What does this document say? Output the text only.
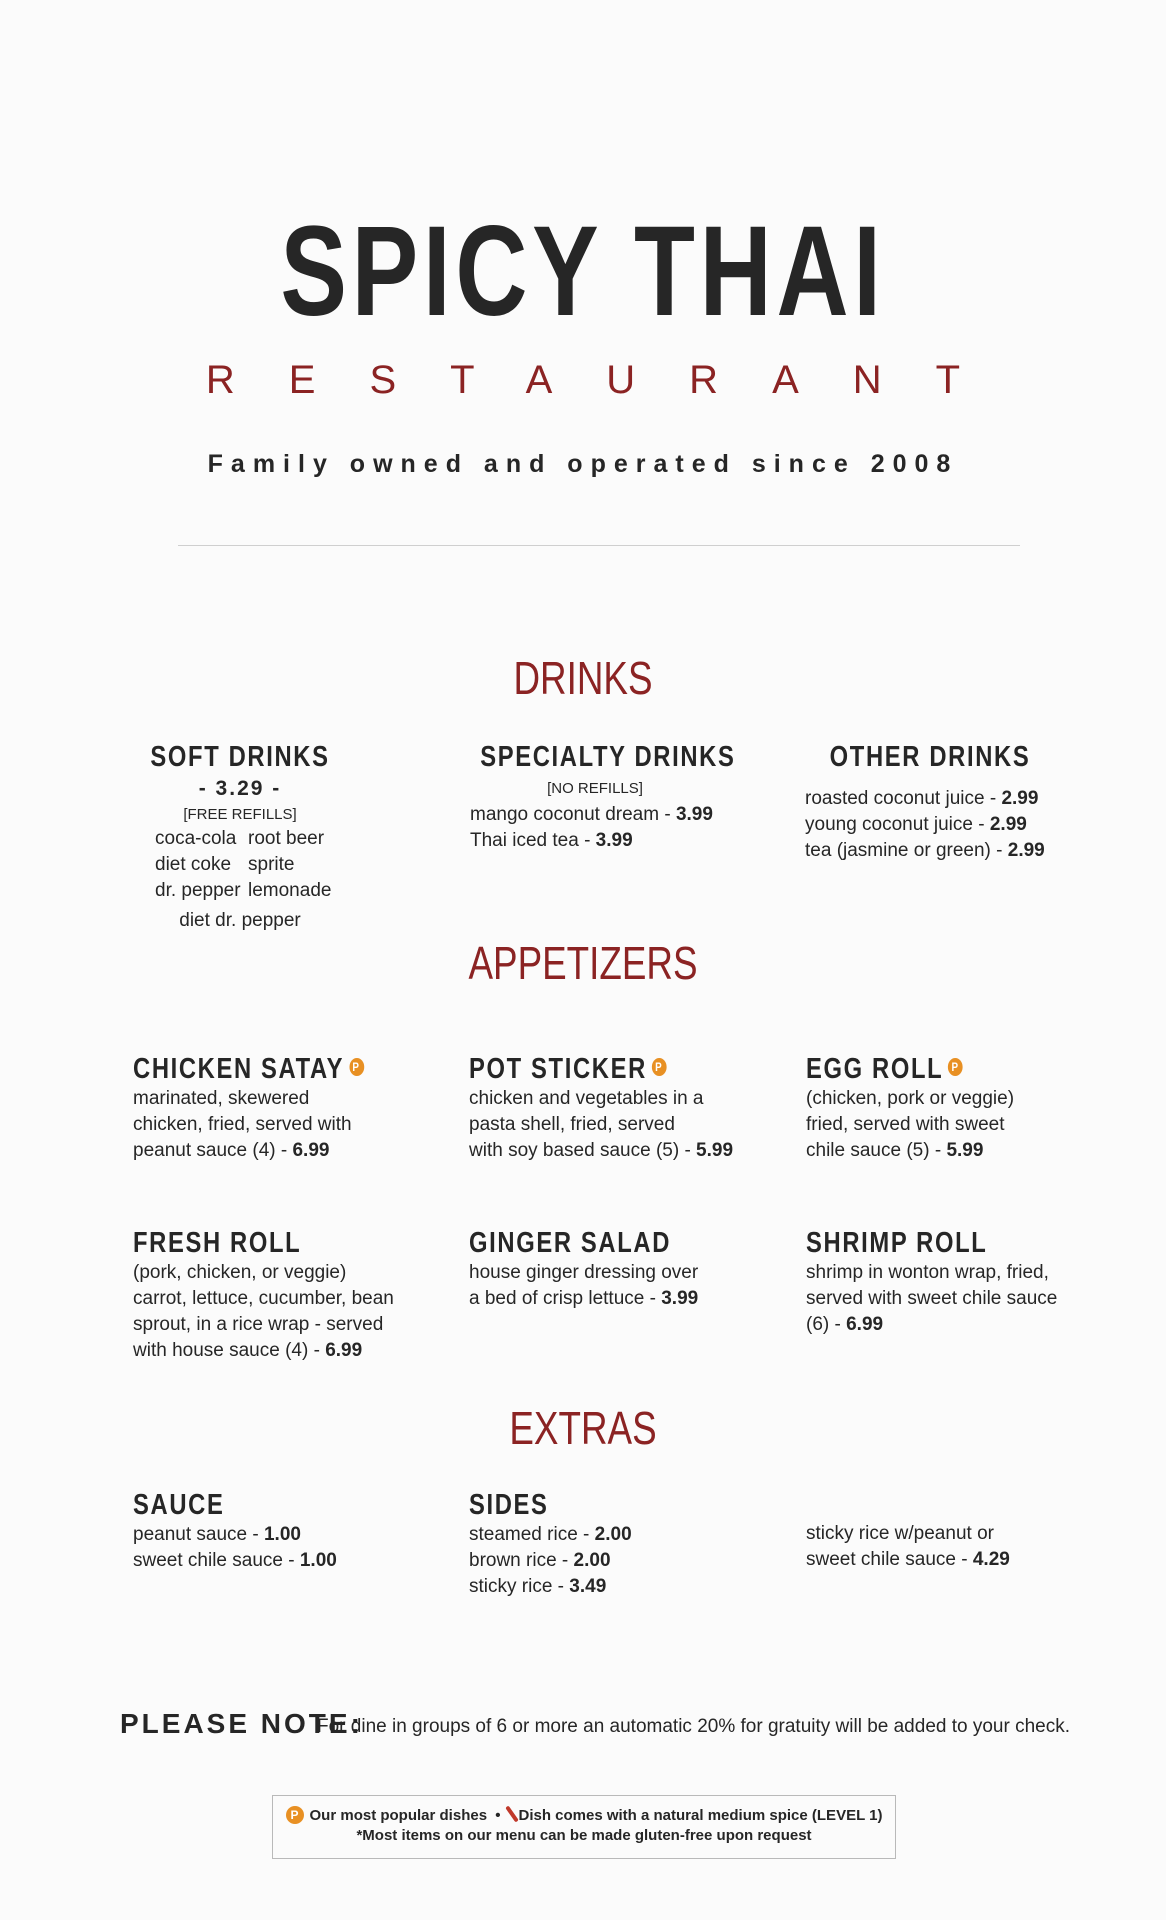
SPICY THAI
RESTAURANT
Family owned and operated since 2008
DRINKS
SOFT DRINKS
- 3.29 -
[FREE REFILLS]
coca-cola
diet coke
dr. pepper
root beer
sprite
lemonade
diet dr. pepper
SPECIALTY DRINKS
[NO REFILLS]
mango coconut dream - 3.99
Thai iced tea - 3.99
OTHER DRINKS
roasted coconut juice - 2.99
young coconut juice - 2.99
tea (jasmine or green) - 2.99
APPETIZERS
CHICKEN SATAY P
marinated, skewered
chicken, fried, served with
peanut sauce (4) - 6.99
POT STICKER P
chicken and vegetables in a
pasta shell, fried, served
with soy based sauce (5) - 5.99
EGG ROLL P
(chicken, pork or veggie)
fried, served with sweet
chile sauce (5) - 5.99
FRESH ROLL
(pork, chicken, or veggie)
carrot, lettuce, cucumber, bean
sprout, in a rice wrap - served
with house sauce (4) - 6.99
GINGER SALAD
house ginger dressing over
a bed of crisp lettuce - 3.99
SHRIMP ROLL
shrimp in wonton wrap, fried,
served with sweet chile sauce
(6) - 6.99
EXTRAS
SAUCE
peanut sauce - 1.00
sweet chile sauce - 1.00
SIDES
steamed rice - 2.00
brown rice - 2.00
sticky rice - 3.49
sticky rice w/peanut or
sweet chile sauce - 4.29
PLEASE NOTE:
For dine in groups of 6 or more an automatic 20% for gratuity will be added to your check.
P Our most popular dishes • Dish comes with a natural medium spice (LEVEL 1)
*Most items on our menu can be made gluten-free upon request
